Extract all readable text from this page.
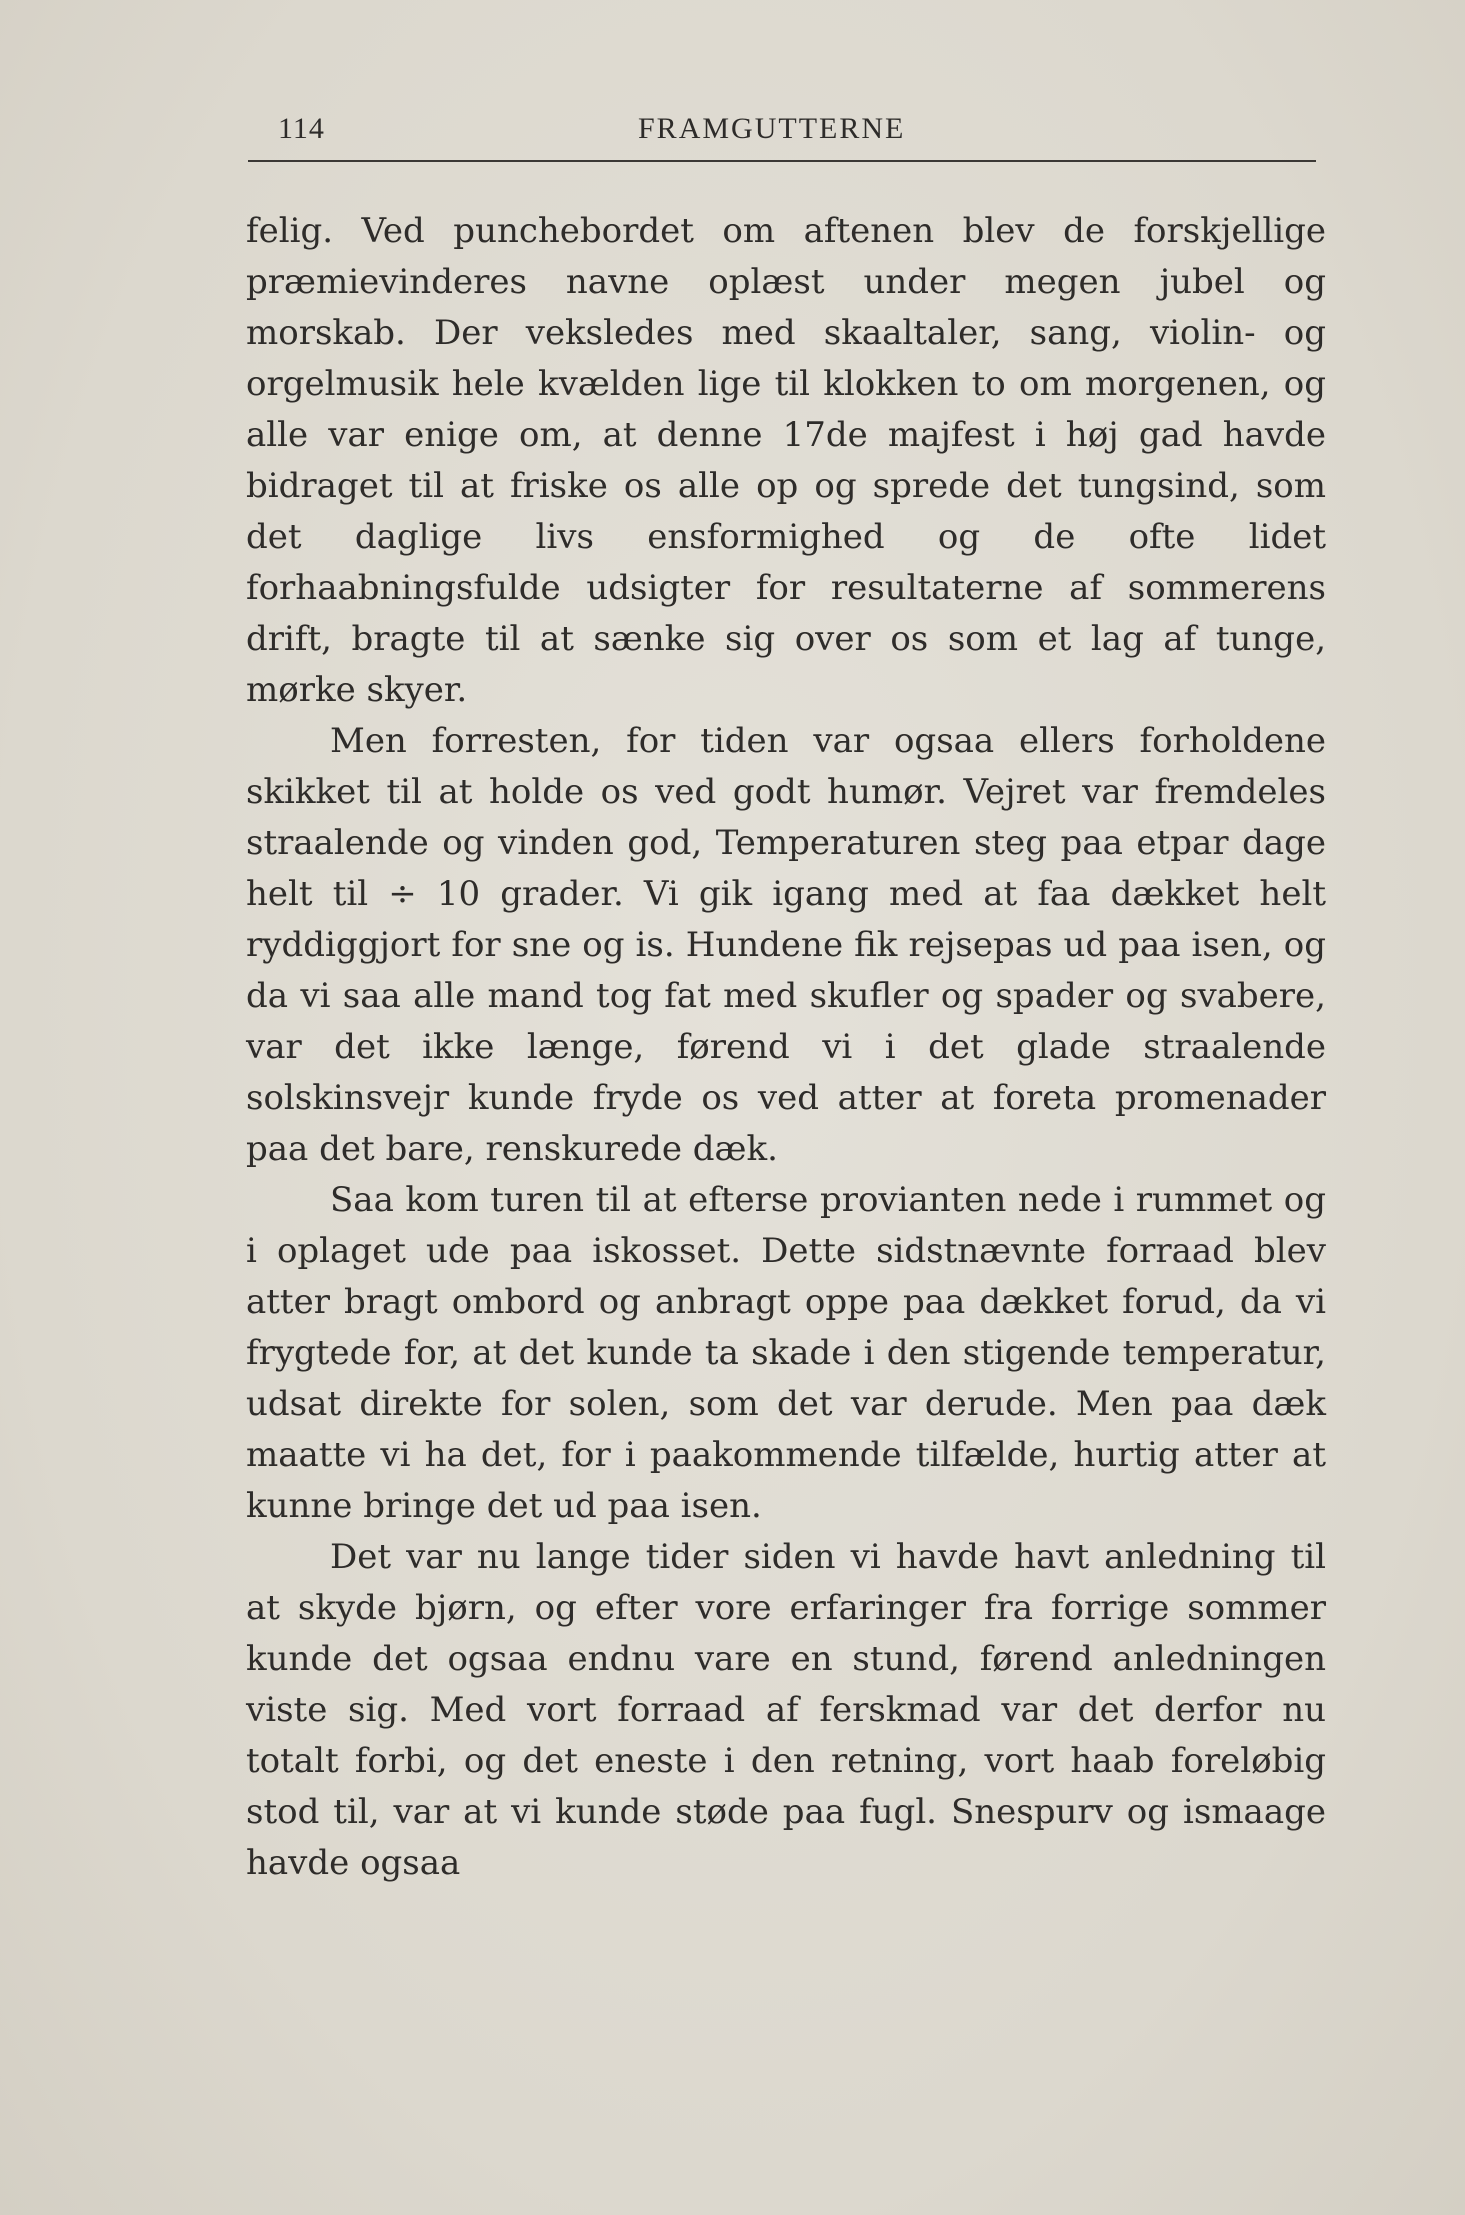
114	FRAMGUTTERNE

felig. Ved punchebordet om aftenen blev de forskjellige præmievinderes navne oplæst under megen jubel og morskab. Der veksledes med skaaltaler, sang, violin- og orgelmusik hele kvælden lige til klokken to om morgenen, og alle var enige om, at denne 17de majfest i høj gad havde bidraget til at friske os alle op og sprede det tungsind, som det daglige livs ensformighed og de ofte lidet forhaabningsfulde udsigter for resultaterne af sommerens drift, bragte til at sænke sig over os som et lag af tunge, mørke skyer.

Men forresten, for tiden var ogsaa ellers forholdene skikket til at holde os ved godt humør. Vejret var fremdeles straalende og vinden god, Temperaturen steg paa etpar dage helt til ÷ 10 grader. Vi gik igang med at faa dækket helt ryddiggjort for sne og is. Hundene fik rejsepas ud paa isen, og da vi saa alle mand tog fat med skufler og spader og svabere, var det ikke længe, førend vi i det glade straalende solskinsvejr kunde fryde os ved atter at foreta promenader paa det bare, renskurede dæk.

Saa kom turen til at efterse provianten nede i rummet og i oplaget ude paa iskosset. Dette sidstnævnte forraad blev atter bragt ombord og anbragt oppe paa dækket forud, da vi frygtede for, at det kunde ta skade i den stigende temperatur, udsat direkte for solen, som det var derude. Men paa dæk maatte vi ha det, for i paakommende tilfælde, hurtig atter at kunne bringe det ud paa isen.

Det var nu lange tider siden vi havde havt anledning til at skyde bjørn, og efter vore erfaringer fra forrige sommer kunde det ogsaa endnu vare en stund, førend anledningen viste sig. Med vort forraad af ferskmad var det derfor nu totalt forbi, og det eneste i den retning, vort haab foreløbig stod til, var at vi kunde støde paa fugl. Snespurv og ismaage havde ogsaa
